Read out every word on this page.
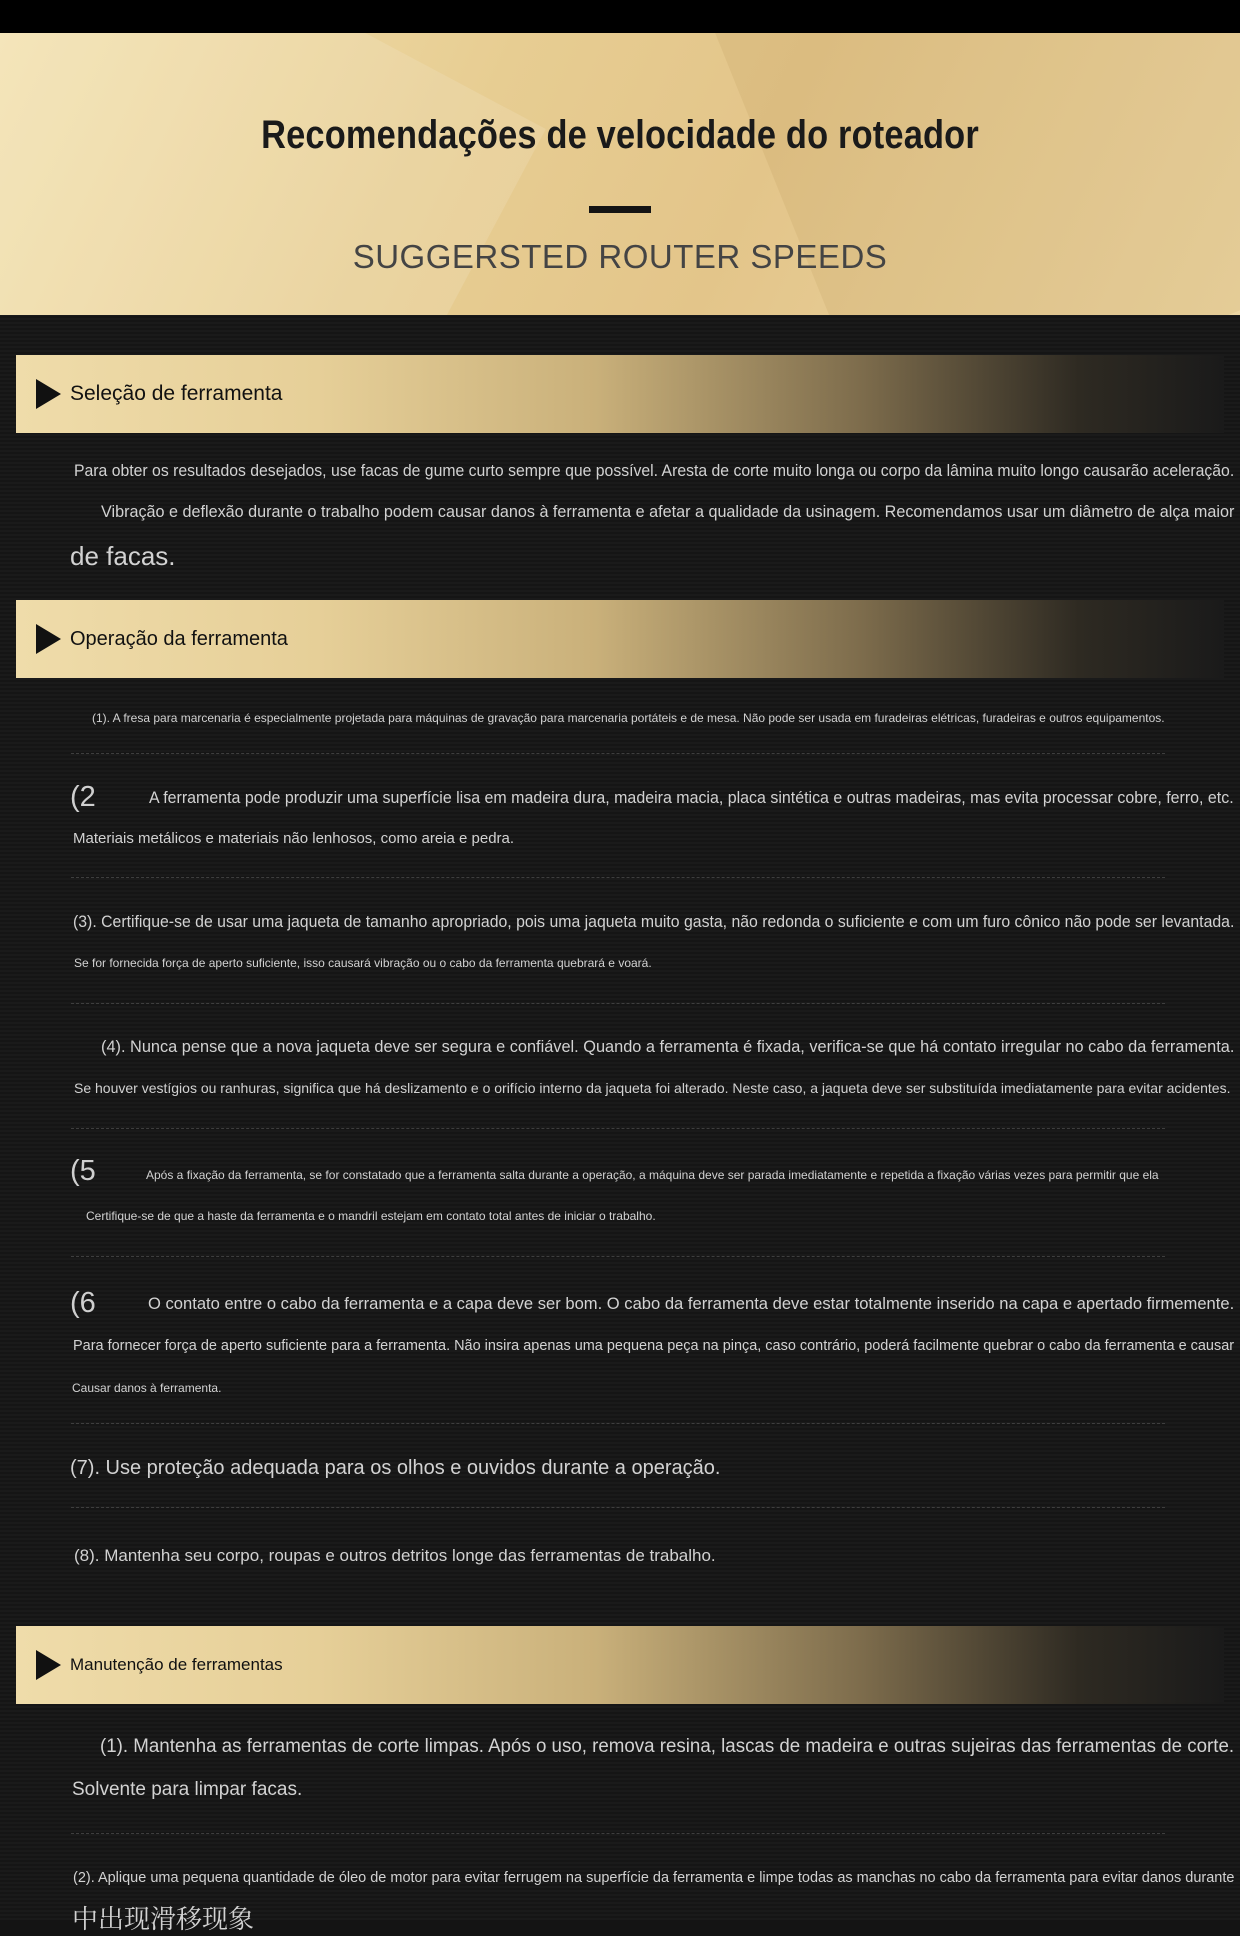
Recomendações de velocidade do roteador
SUGGERSTED ROUTER SPEEDS
Seleção de ferramenta
Para obter os resultados desejados, use facas de gume curto sempre que possível. Aresta de corte muito longa ou corpo da lâmina muito longo causarão aceleração.
Vibração e deflexão durante o trabalho podem causar danos à ferramenta e afetar a qualidade da usinagem. Recomendamos usar um diâmetro de alça maior
de facas.
Operação da ferramenta
(1). A fresa para marcenaria é especialmente projetada para máquinas de gravação para marcenaria portáteis e de mesa. Não pode ser usada em furadeiras elétricas, furadeiras e outros equipamentos.
(2	A ferramenta pode produzir uma superfície lisa em madeira dura, madeira macia, placa sintética e outras madeiras, mas evita processar cobre, ferro, etc.
Materiais metálicos e materiais não lenhosos, como areia e pedra.
(3). Certifique-se de usar uma jaqueta de tamanho apropriado, pois uma jaqueta muito gasta, não redonda o suficiente e com um furo cônico não pode ser levantada.
Se for fornecida força de aperto suficiente, isso causará vibração ou o cabo da ferramenta quebrará e voará.
(4). Nunca pense que a nova jaqueta deve ser segura e confiável. Quando a ferramenta é fixada, verifica-se que há contato irregular no cabo da ferramenta.
Se houver vestígios ou ranhuras, significa que há deslizamento e o orifício interno da jaqueta foi alterado. Neste caso, a jaqueta deve ser substituída imediatamente para evitar acidentes.
(5	Após a fixação da ferramenta, se for constatado que a ferramenta salta durante a operação, a máquina deve ser parada imediatamente e repetida a fixação várias vezes para permitir que ela
Certifique-se de que a haste da ferramenta e o mandril estejam em contato total antes de iniciar o trabalho.
(6	O contato entre o cabo da ferramenta e a capa deve ser bom. O cabo da ferramenta deve estar totalmente inserido na capa e apertado firmemente.
Para fornecer força de aperto suficiente para a ferramenta. Não insira apenas uma pequena peça na pinça, caso contrário, poderá facilmente quebrar o cabo da ferramenta e causar
Causar danos à ferramenta.
(7). Use proteção adequada para os olhos e ouvidos durante a operação.
(8). Mantenha seu corpo, roupas e outros detritos longe das ferramentas de trabalho.
Manutenção de ferramentas
(1). Mantenha as ferramentas de corte limpas. Após o uso, remova resina, lascas de madeira e outras sujeiras das ferramentas de corte.
Solvente para limpar facas.
(2). Aplique uma pequena quantidade de óleo de motor para evitar ferrugem na superfície da ferramenta e limpe todas as manchas no cabo da ferramenta para evitar danos durante
中出现滑移现象
